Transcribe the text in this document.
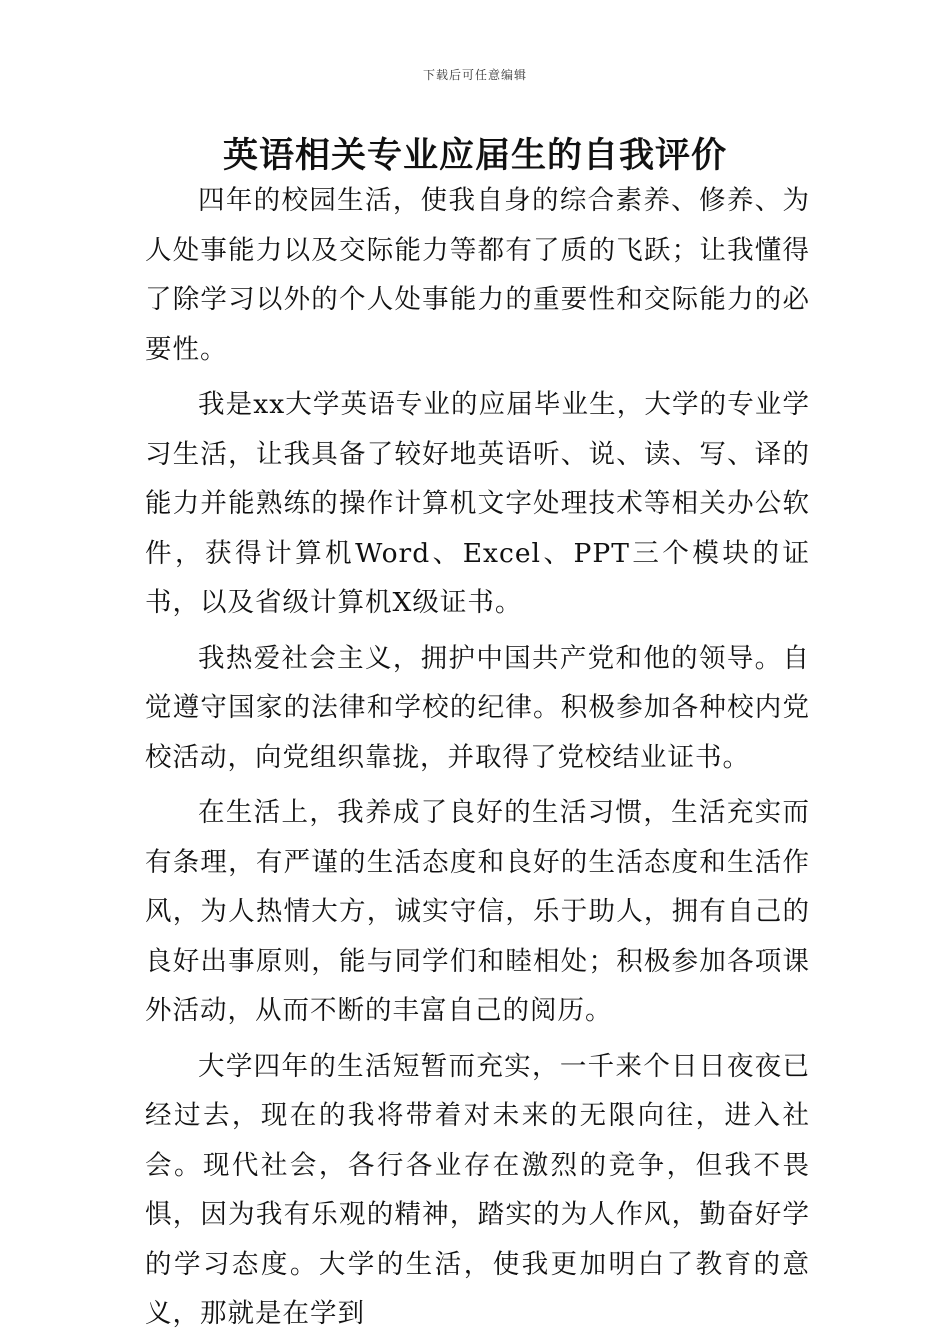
下载后可任意编辑
英语相关专业应届生的自我评价

四年的校园生活，使我自身的综合素养、修养、为人处事能力以及交际能力等都有了质的飞跃；让我懂得了除学习以外的个人处事能力的重要性和交际能力的必要性。

我是xx大学英语专业的应届毕业生，大学的专业学习生活，让我具备了较好地英语听、说、读、写、译的能力并能熟练的操作计算机文字处理技术等相关办公软件，获得计算机Word、Excel、PPT三个模块的证书，以及省级计算机X级证书。

我热爱社会主义，拥护中国共产党和他的领导。自觉遵守国家的法律和学校的纪律。积极参加各种校内党校活动，向党组织靠拢，并取得了党校结业证书。

在生活上，我养成了良好的生活习惯，生活充实而有条理，有严谨的生活态度和良好的生活态度和生活作风，为人热情大方，诚实守信，乐于助人，拥有自己的良好出事原则，能与同学们和睦相处；积极参加各项课外活动，从而不断的丰富自己的阅历。

大学四年的生活短暂而充实，一千来个日日夜夜已经过去，现在的我将带着对未来的无限向往，进入社会。现代社会，各行各业存在激烈的竞争，但我不畏惧，因为我有乐观的精神，踏实的为人作风，勤奋好学的学习态度。大学的生活，使我更加明白了教育的意义，那就是在学到
